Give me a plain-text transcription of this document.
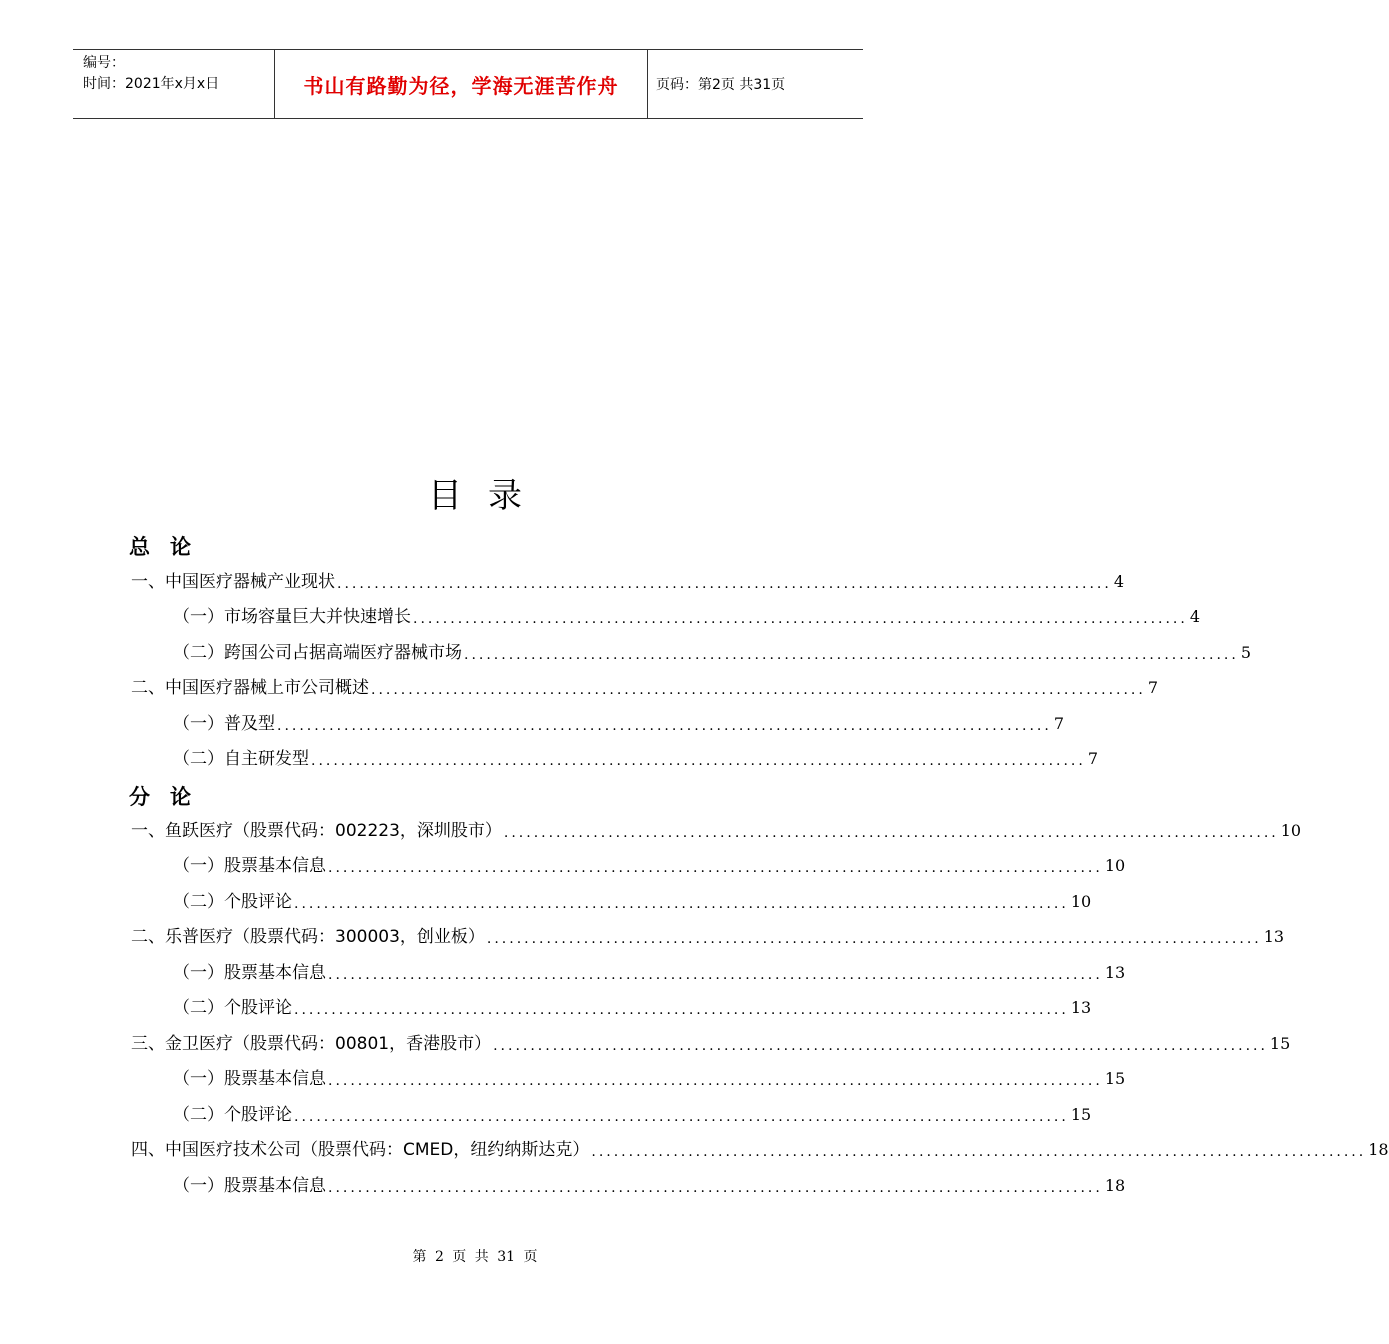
编号：
时间：2021年x月x日	书山有路勤为径，学海无涯苦作舟	页码：第2页 共31页
目录
总论
一、中国医疗器械产业现状 ........................................................................................................ 4
（一）市场容量巨大并快速增长 ........................................................................................................ 4
（二）跨国公司占据高端医疗器械市场 ........................................................................................................ 5
二、中国医疗器械上市公司概述 ........................................................................................................ 7
（一）普及型 ........................................................................................................ 7
（二）自主研发型 ........................................................................................................ 7
分论
一、鱼跃医疗（股票代码：002223，深圳股市） ........................................................................................................ 10
（一）股票基本信息 ........................................................................................................ 10
（二）个股评论 ........................................................................................................ 10
二、乐普医疗（股票代码：300003，创业板） ........................................................................................................ 13
（一）股票基本信息 ........................................................................................................ 13
（二）个股评论 ........................................................................................................ 13
三、金卫医疗（股票代码：00801，香港股市） ........................................................................................................ 15
（一）股票基本信息 ........................................................................................................ 15
（二）个股评论 ........................................................................................................ 15
四、中国医疗技术公司（股票代码：CMED，纽约纳斯达克） ........................................................................................................ 18
（一）股票基本信息 ........................................................................................................ 18
第 2 页 共 31 页
